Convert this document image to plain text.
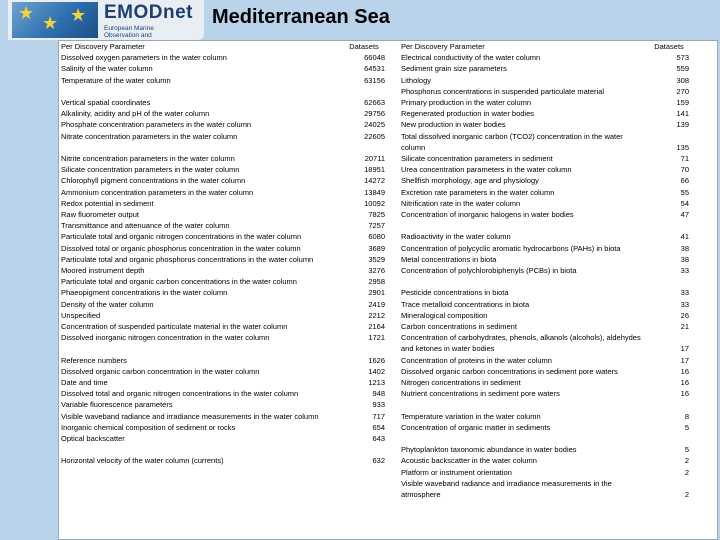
★ ★ ★ EMODnet
European Marine
Observation and
Mediterranean Sea
Per Discovery Parameter	Datasets
Dissolved oxygen parameters in the water column	66048
Salinity of the water column	64531
Temperature of the water column	63156
Vertical spatial coordinates	62663
Alkalinity, acidity and pH of the water column	29756
Phosphate concentration parameters in the water column	24025
Nitrate concentration parameters in the water column	22605
Nitrite concentration parameters in the water column	20711
Silicate concentration parameters in the water column	18951
Chlorophyll pigment concentrations in the water column	14272
Ammonium concentration parameters in the water column	13849
Redox potential in sediment	10092
Raw fluorometer output	7825
Transmittance and attenuance of the water column	7257
Particulate total and organic nitrogen concentrations in the water column	6080
Dissolved total or organic phosphorus concentration in the water column	3689
Particulate total and organic phosphorus concentrations in the water column	3529
Moored instrument depth	3276
Particulate total and organic carbon concentrations in the water column	2958
Phaeopigment concentrations in the water column	2901
Density of the water column	2419
Unspecified	2212
Concentration of suspended particulate material in the water column	2164
Dissolved inorganic nitrogen concentration in the water column	1721
Reference numbers	1626
Dissolved organic carbon concentration in the water column	1402
Date and time	1213
Dissolved total and organic nitrogen concentrations in the water column	948
Variable fluorescence parameters	933
Visible waveband radiance and irradiance measurements in the water column	717
Inorganic chemical composition of sediment or rocks	654
Optical backscatter	643
Horizontal velocity of the water column (currents)	632
Per Discovery Parameter	Datasets
Electrical conductivity of the water column	573
Sediment grain size parameters	559
Lithology	308
Phosphorus concentrations in suspended particulate material	270
Primary production in the water column	159
Regenerated production in water bodies	141
New production in water bodies	139
Total dissolved inorganic carbon (TCO2) concentration in the water column	135
Silicate concentration parameters in sediment	71
Urea concentration parameters in the water column	70
Shellfish morphology, age and physiology	66
Excretion rate parameters in the water column	55
Nitrification rate in the water column	54
Concentration of inorganic halogens in water bodies	47
Radioactivity in the water column	41
Concentration of polycyclic aromatic hydrocarbons (PAHs) in biota	38
Metal concentrations in biota	38
Concentration of polychlorobiphenyls (PCBs) in biota	33
Pesticide concentrations in biota	33
Trace metalloid concentrations in biota	33
Mineralogical composition	26
Carbon concentrations in sediment	21
Concentration of carbohydrates, phenols, alkanols (alcohols), aldehydes and ketones in water bodies	17
Concentration of proteins in the water column	17
Dissolved organic carbon concentrations in sediment pore waters	16
Nitrogen concentrations in sediment	16
Nutrient concentrations in sediment pore waters	16
Temperature variation in the water column	8
Concentration of organic matter in sediments	5
Phytoplankton taxonomic abundance in water bodies	5
Acoustic backscatter in the water column	2
Platform or instrument orientation	2
Visible waveband radiance and irradiance measurements in the atmosphere	2
